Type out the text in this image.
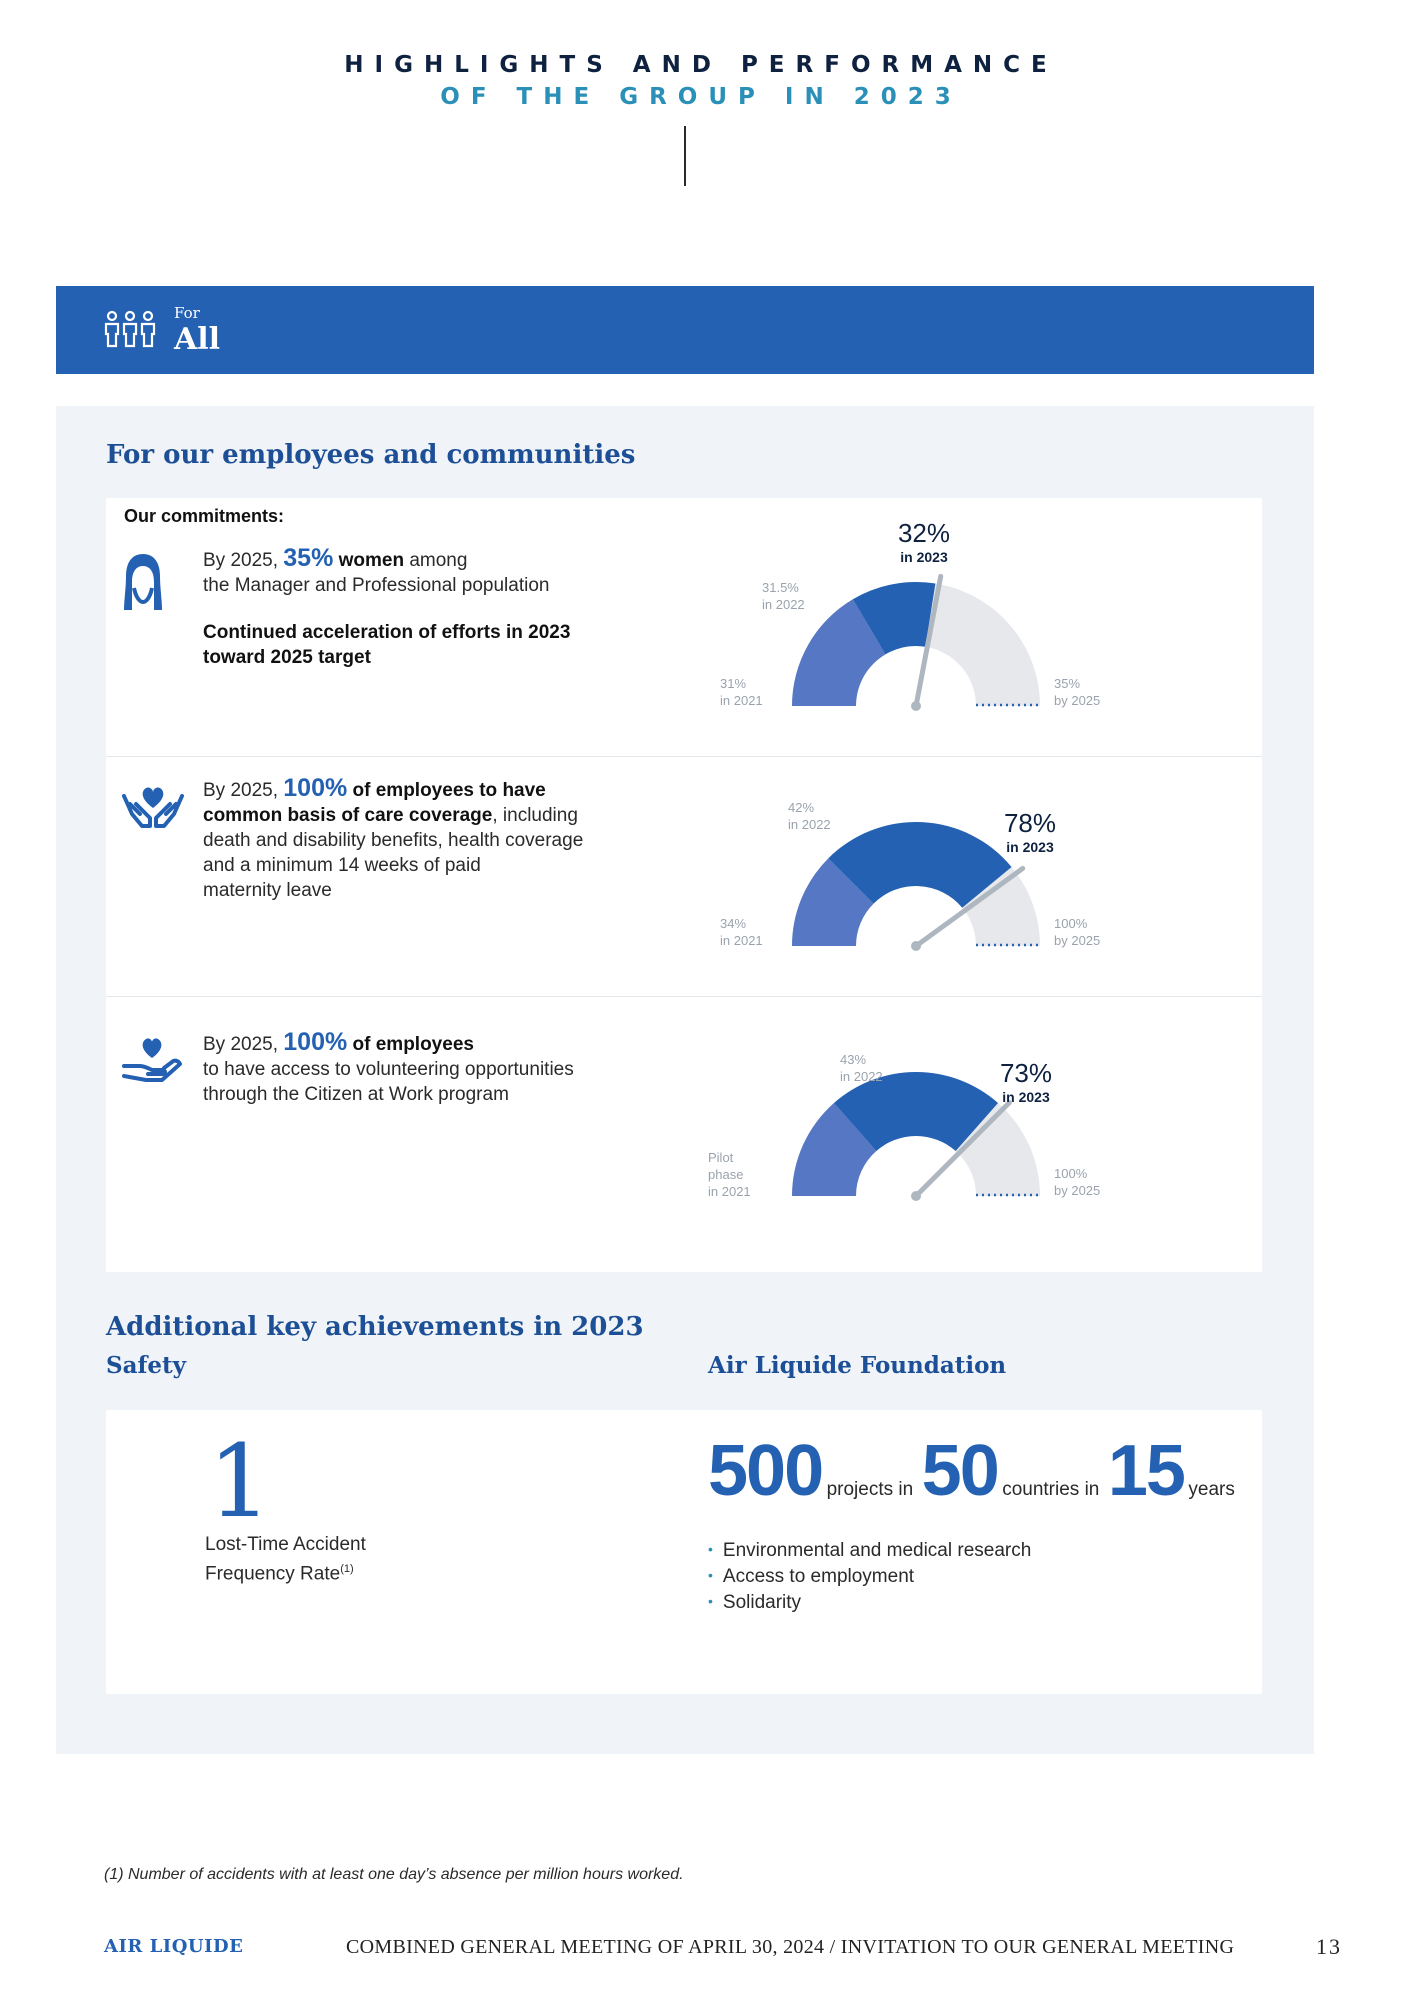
HIGHLIGHTS AND PERFORMANCE
OF THE GROUP IN 2023
For
All
For our employees and communities
Our commitments:
By 2025, 35% women among
the Manager and Professional population
Continued acceleration of efforts in 2023
toward 2025 target
32%
in 2023
31.5%
in 2022
31%
in 2021
35%
by 2025
By 2025, 100% of employees to have
common basis of care coverage, including
death and disability benefits, health coverage
and a minimum 14 weeks of paid
maternity leave
78%
in 2023
42%
in 2022
34%
in 2021
100%
by 2025
By 2025, 100% of employees
to have access to volunteering opportunities
through the Citizen at Work program
73%
in 2023
43%
in 2022
Pilot
phase
in 2021
100%
by 2025
Additional key achievements in 2023
Safety	Air Liquide Foundation
1
Lost-Time Accident
Frequency Rate$^{(1)}$
500 projects in 50 countries in 15 years
• Environmental and medical research
• Access to employment
• Solidarity
(1) Number of accidents with at least one day’s absence per million hours worked.
AIR LIQUIDE	COMBINED GENERAL MEETING OF APRIL 30, 2024 / INVITATION TO OUR GENERAL MEETING	13
